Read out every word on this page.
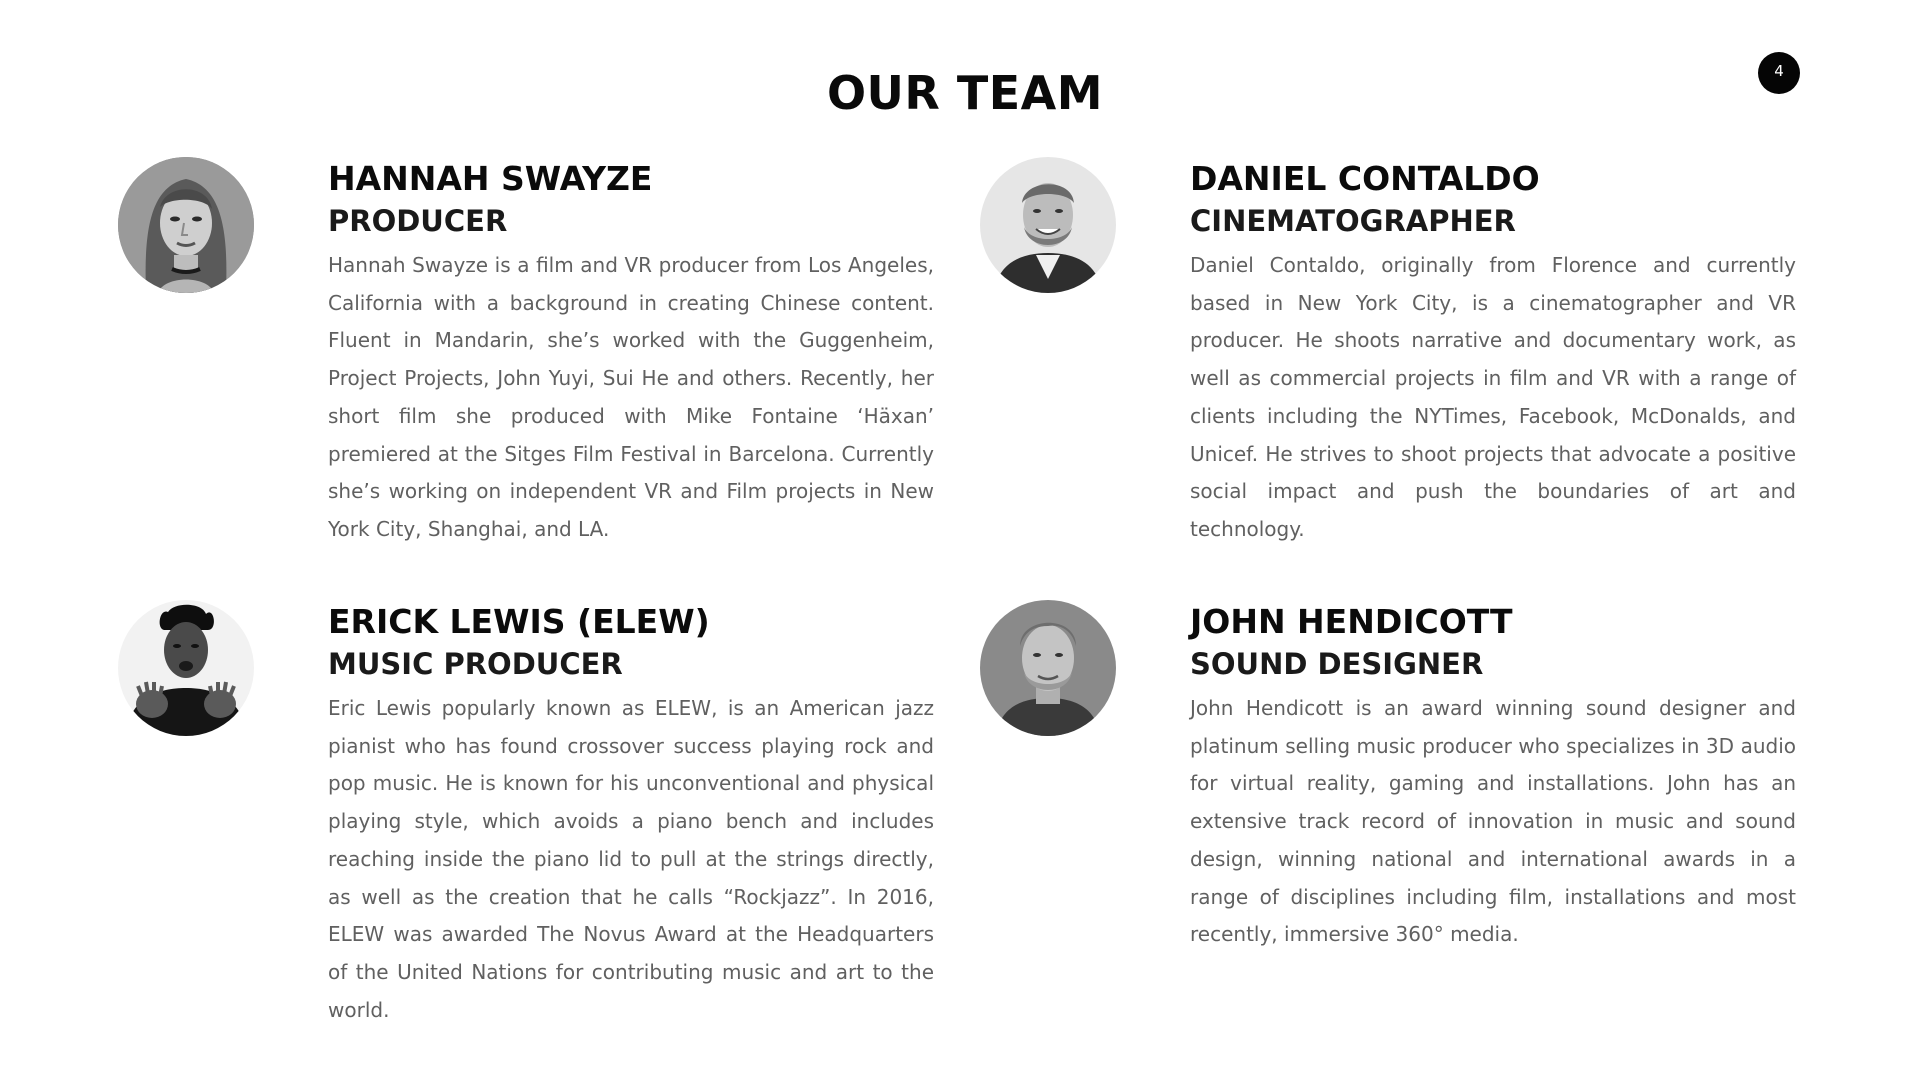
4
OUR TEAM
HANNAH SWAYZE
PRODUCER

Hannah Swayze is a film and VR producer from Los Angeles, California with a background in creating Chinese content. Fluent in Mandarin, she’s worked with the Guggenheim, Project Projects, John Yuyi, Sui He and others. Recently, her short film she produced with Mike Fontaine ‘Häxan’ premiered at the Sitges Film Festival in Barcelona. Currently she’s working on independent VR and Film projects in New York City, Shanghai, and LA.

DANIEL CONTALDO
CINEMATOGRAPHER

Daniel Contaldo, originally from Florence and currently based in New York City, is a cinematographer and VR producer. He shoots narrative and documentary work, as well as commercial projects in film and VR with a range of clients including the NYTimes, Facebook, McDonalds, and Unicef. He strives to shoot projects that advocate a positive social impact and push the boundaries of art and technology.

ERICK LEWIS (ELEW)
MUSIC PRODUCER

Eric Lewis popularly known as ELEW, is an American jazz pianist who has found crossover success playing rock and pop music. He is known for his unconventional and physical playing style, which avoids a piano bench and includes reaching inside the piano lid to pull at the strings directly, as well as the creation that he calls “Rockjazz”. In 2016, ELEW was awarded The Novus Award at the Headquarters of the United Nations for contributing music and art to the world.

JOHN HENDICOTT
SOUND DESIGNER

John Hendicott is an award winning sound designer and platinum selling music producer who specializes in 3D audio for virtual reality, gaming and installations. John has an extensive track record of innovation in music and sound design, winning national and international awards in a range of disciplines including film, installations and most recently, immersive 360° media.
